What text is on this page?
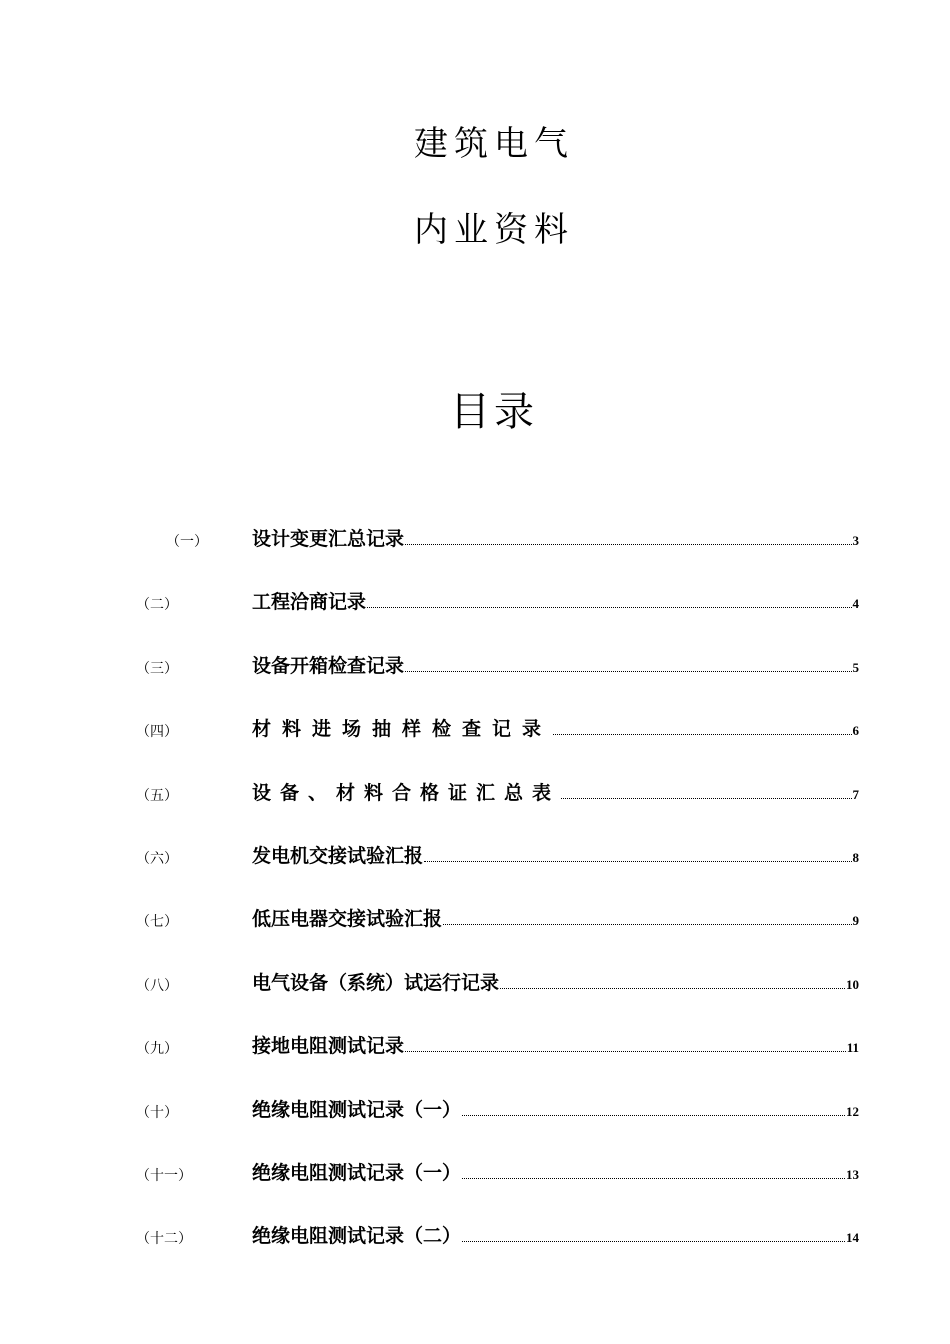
建筑电气
内业资料
目录
（一） 设计变更汇总记录	3
（二）	工程洽商记录	4
（三）	设备开箱检查记录	5
（四）	材料进场抽样检查记录	6
（五）	设备、材料合格证汇总表	7
（六）	发电机交接试验汇报	8
（七）	低压电器交接试验汇报	9
（八）	电气设备（系统）试运行记录	10
（九）	接地电阻测试记录	11
（十）	绝缘电阻测试记录（一）	12
（十一）	绝缘电阻测试记录（一）	13
（十二）	绝缘电阻测试记录（二）	14
